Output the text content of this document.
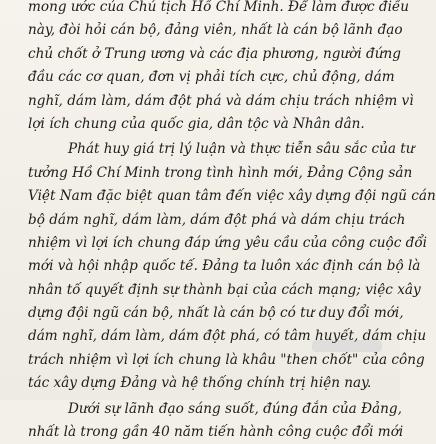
mong ước của Chủ tịch Hồ Chí Minh. Để làm được điều
này, đòi hỏi cán bộ, đảng viên, nhất là cán bộ lãnh đạo
chủ chốt ở Trung ương và các địa phương, người đứng
đầu các cơ quan, đơn vị phải tích cực, chủ động, dám
nghĩ, dám làm, dám đột phá và dám chịu trách nhiệm vì
lợi ích chung của quốc gia, dân tộc và Nhân dân.
Phát huy giá trị lý luận và thực tiễn sâu sắc của tư
tưởng Hồ Chí Minh trong tình hình mới, Đảng Cộng sản
Việt Nam đặc biệt quan tâm đến việc xây dựng đội ngũ cán
bộ dám nghĩ, dám làm, dám đột phá và dám chịu trách
nhiệm vì lợi ích chung đáp ứng yêu cầu của công cuộc đổi
mới và hội nhập quốc tế. Đảng ta luôn xác định cán bộ là
nhân tố quyết định sự thành bại của cách mạng; việc xây
dựng đội ngũ cán bộ, nhất là cán bộ có tư duy đổi mới,
dám nghĩ, dám làm, dám đột phá, có tâm huyết, dám chịu
trách nhiệm vì lợi ích chung là khâu "then chốt" của công
tác xây dựng Đảng và hệ thống chính trị hiện nay.
Dưới sự lãnh đạo sáng suốt, đúng đắn của Đảng,
nhất là trong gần 40 năm tiến hành công cuộc đổi mới
